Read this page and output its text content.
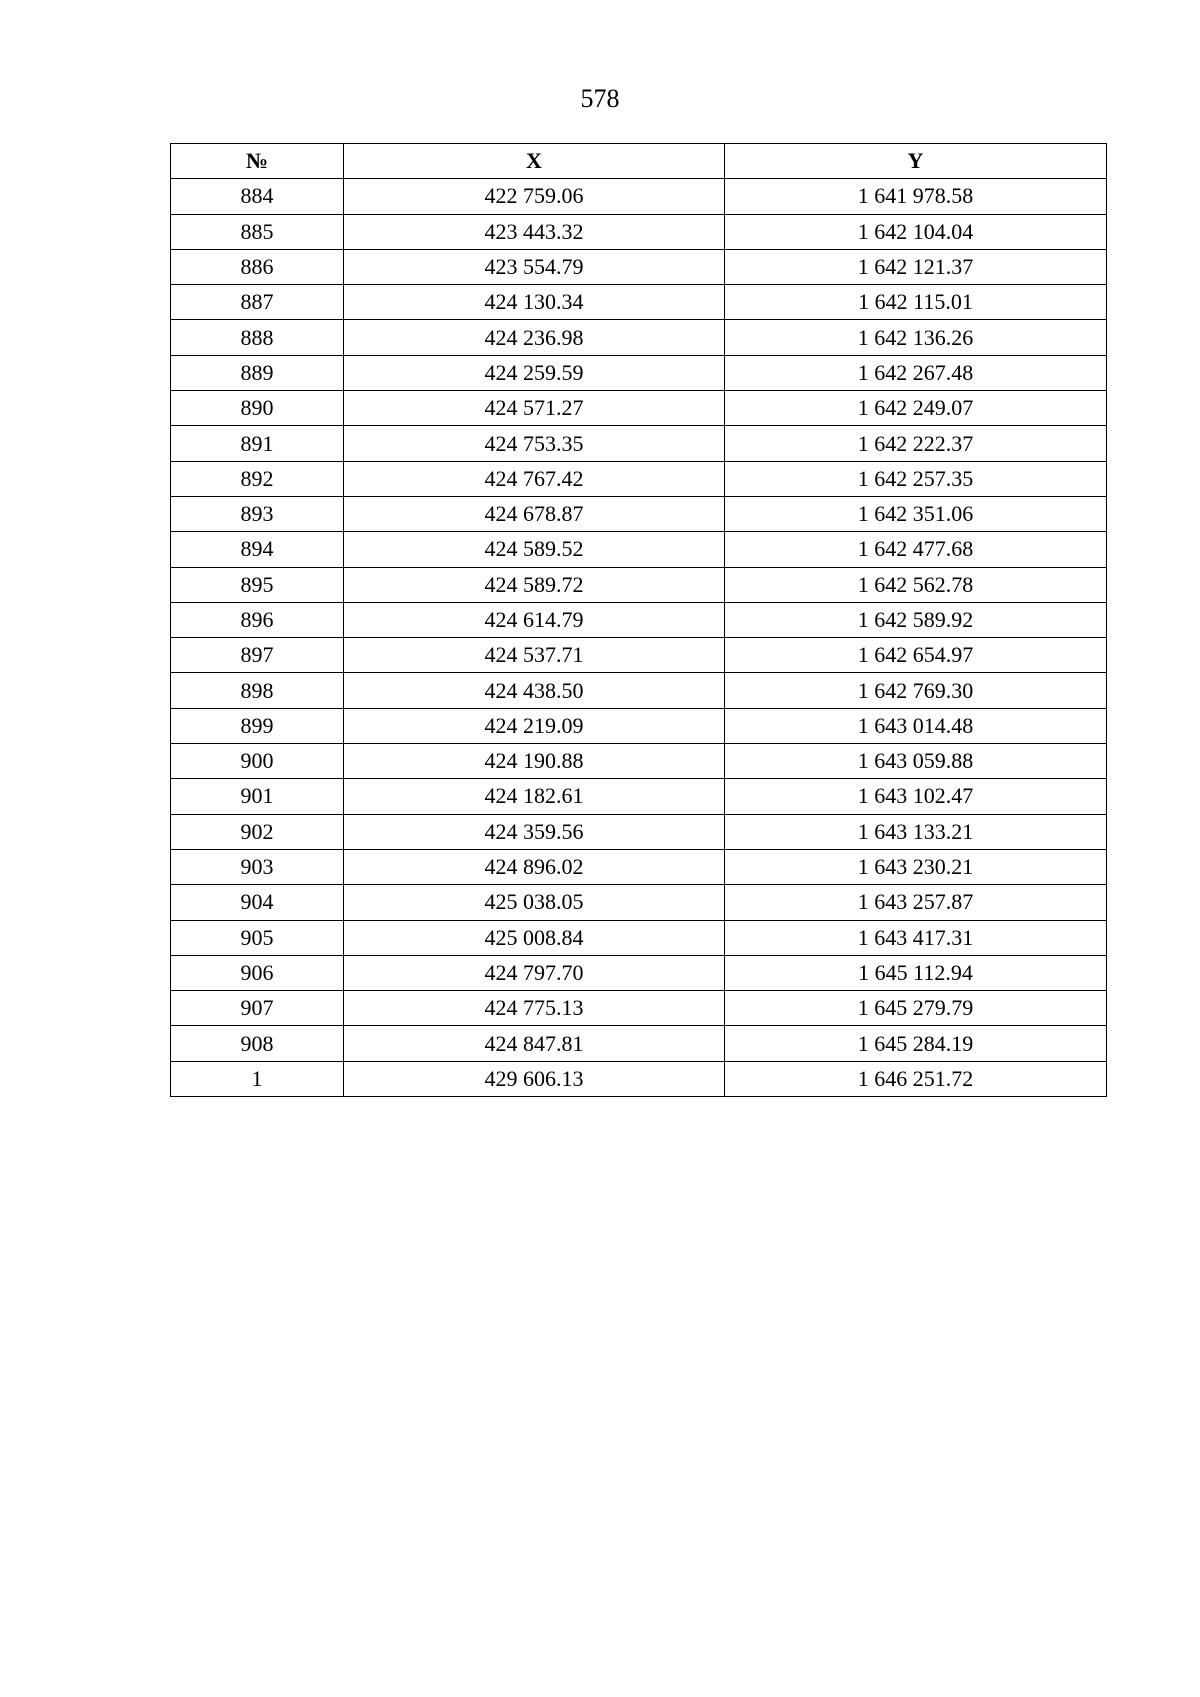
578
№	X	Y
884	422 759.06	1 641 978.58
885	423 443.32	1 642 104.04
886	423 554.79	1 642 121.37
887	424 130.34	1 642 115.01
888	424 236.98	1 642 136.26
889	424 259.59	1 642 267.48
890	424 571.27	1 642 249.07
891	424 753.35	1 642 222.37
892	424 767.42	1 642 257.35
893	424 678.87	1 642 351.06
894	424 589.52	1 642 477.68
895	424 589.72	1 642 562.78
896	424 614.79	1 642 589.92
897	424 537.71	1 642 654.97
898	424 438.50	1 642 769.30
899	424 219.09	1 643 014.48
900	424 190.88	1 643 059.88
901	424 182.61	1 643 102.47
902	424 359.56	1 643 133.21
903	424 896.02	1 643 230.21
904	425 038.05	1 643 257.87
905	425 008.84	1 643 417.31
906	424 797.70	1 645 112.94
907	424 775.13	1 645 279.79
908	424 847.81	1 645 284.19
1	429 606.13	1 646 251.72
